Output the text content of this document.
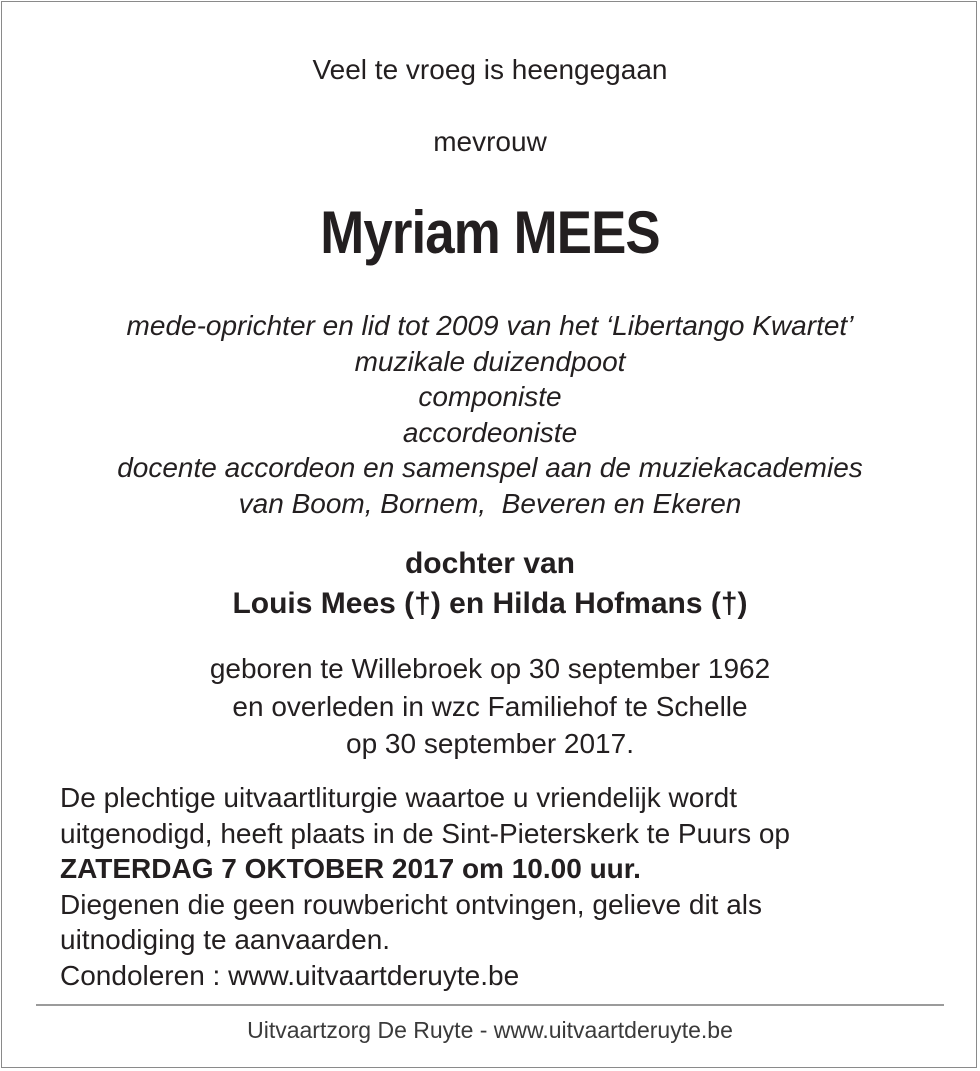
Veel te vroeg is heengegaan
mevrouw
Myriam MEES
mede-oprichter en lid tot 2009 van het ‘Libertango Kwartet’
muzikale duizendpoot
componiste
accordeoniste
docente accordeon en samenspel aan de muziekacademies
van Boom, Bornem,  Beveren en Ekeren
dochter van
Louis Mees (†) en Hilda Hofmans (†)
geboren te Willebroek op 30 september 1962
en overleden in wzc Familiehof te Schelle
op 30 september 2017.
De plechtige uitvaartliturgie waartoe u vriendelijk wordt
uitgenodigd, heeft plaats in de Sint-Pieterskerk te Puurs op
ZATERDAG 7 OKTOBER 2017 om 10.00 uur.
Diegenen die geen rouwbericht ontvingen, gelieve dit als
uitnodiging te aanvaarden.
Condoleren : www.uitvaartderuyte.be
Uitvaartzorg De Ruyte - www.uitvaartderuyte.be
